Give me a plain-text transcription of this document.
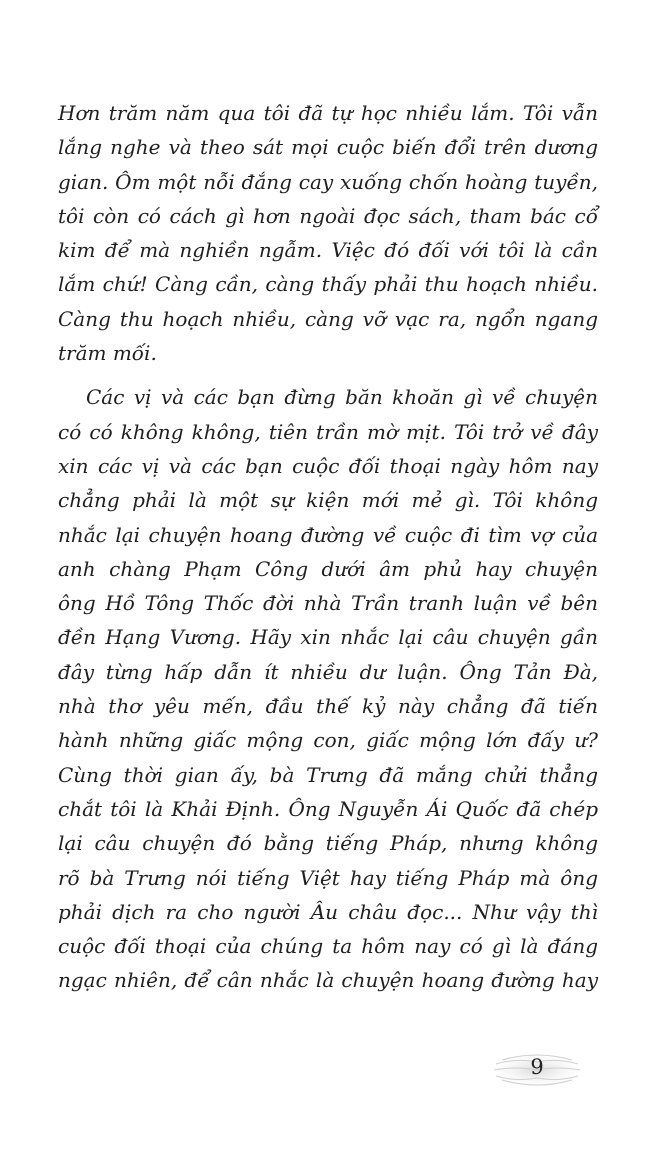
Hơn trăm năm qua tôi đã tự học nhiều lắm. Tôi vẫn
lắng nghe và theo sát mọi cuộc biến đổi trên dương
gian. Ôm một nỗi đắng cay xuống chốn hoàng tuyền,
tôi còn có cách gì hơn ngoài đọc sách, tham bác cổ
kim để mà nghiền ngẫm. Việc đó đối với tôi là cần
lắm chứ! Càng cần, càng thấy phải thu hoạch nhiều.
Càng thu hoạch nhiều, càng vỡ vạc ra, ngổn ngang
trăm mối.
Các vị và các bạn đừng băn khoăn gì về chuyện
có có không không, tiên trần mờ mịt. Tôi trở về đây
xin các vị và các bạn cuộc đối thoại ngày hôm nay
chẳng phải là một sự kiện mới mẻ gì. Tôi không
nhắc lại chuyện hoang đường về cuộc đi tìm vợ của
anh chàng Phạm Công dưới âm phủ hay chuyện
ông Hồ Tông Thốc đời nhà Trần tranh luận về bên
đền Hạng Vương. Hãy xin nhắc lại câu chuyện gần
đây từng hấp dẫn ít nhiều dư luận. Ông Tản Đà,
nhà thơ yêu mến, đầu thế kỷ này chẳng đã tiến
hành những giấc mộng con, giấc mộng lớn đấy ư?
Cùng thời gian ấy, bà Trưng đã mắng chửi thẳng
chắt tôi là Khải Định. Ông Nguyễn Ái Quốc đã chép
lại câu chuyện đó bằng tiếng Pháp, nhưng không
rõ bà Trưng nói tiếng Việt hay tiếng Pháp mà ông
phải dịch ra cho người Âu châu đọc... Như vậy thì
cuộc đối thoại của chúng ta hôm nay có gì là đáng
ngạc nhiên, để cân nhắc là chuyện hoang đường hay
9
